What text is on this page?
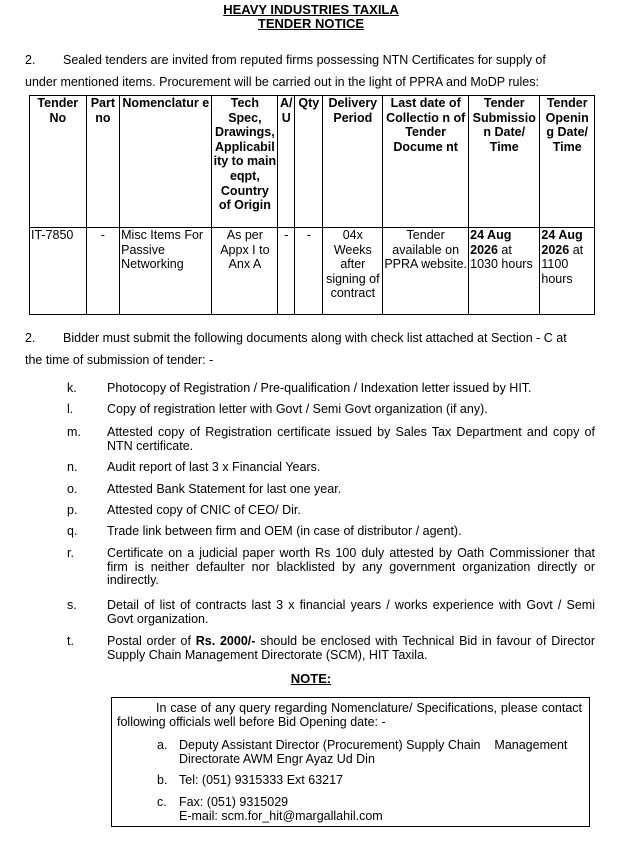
HEAVY INDUSTRIES TAXILA
TENDER NOTICE
2. Sealed tenders are invited from reputed firms possessing NTN Certificates for supply of
under mentioned items. Procurement will be carried out in the light of PPRA and MoDP rules:
Tender No	Part no	Nomenclatur e	Tech Spec, Drawings, Applicabil ity to main eqpt, Country of Origin	A/ U	Qty	Delivery Period	Last date of Collectio n of Tender Docume nt	Tender Submissio n Date/ Time	Tender Openin g Date/ Time
IT-7850	-	Misc Items For Passive Networking	As per Appx I to Anx A	-	-	04x Weeks after signing of contract	Tender available on PPRA website.	24 Aug 2026 at 1030 hours	24 Aug 2026 at 1100 hours
2. Bidder must submit the following documents along with check list attached at Section - C at
the time of submission of tender: -
k.	Photocopy of Registration / Pre-qualification / Indexation letter issued by HIT.
l.	Copy of registration letter with Govt / Semi Govt organization (if any).
m.	Attested copy of Registration certificate issued by Sales Tax Department and copy of NTN certificate.
n.	Audit report of last 3 x Financial Years.
o.	Attested Bank Statement for last one year.
p.	Attested copy of CNIC of CEO/ Dir.
q.	Trade link between firm and OEM (in case of distributor / agent).
r.	Certificate on a judicial paper worth Rs 100 duly attested by Oath Commissioner that firm is neither defaulter nor blacklisted by any government organization directly or indirectly.
s.	Detail of list of contracts last 3 x financial years / works experience with Govt / Semi Govt organization.
t.	Postal order of Rs. 2000/- should be enclosed with Technical Bid in favour of Director Supply Chain Management Directorate (SCM), HIT Taxila.
NOTE:
In case of any query regarding Nomenclature/ Specifications, please contact following officials well before Bid Opening date: -
a. Deputy Assistant Director (Procurement) Supply Chain    Management
Directorate AWM Engr Ayaz Ud Din
b. Tel: (051) 9315333 Ext 63217
c. Fax: (051) 9315029
E-mail: scm.for_hit@margallahil.com
